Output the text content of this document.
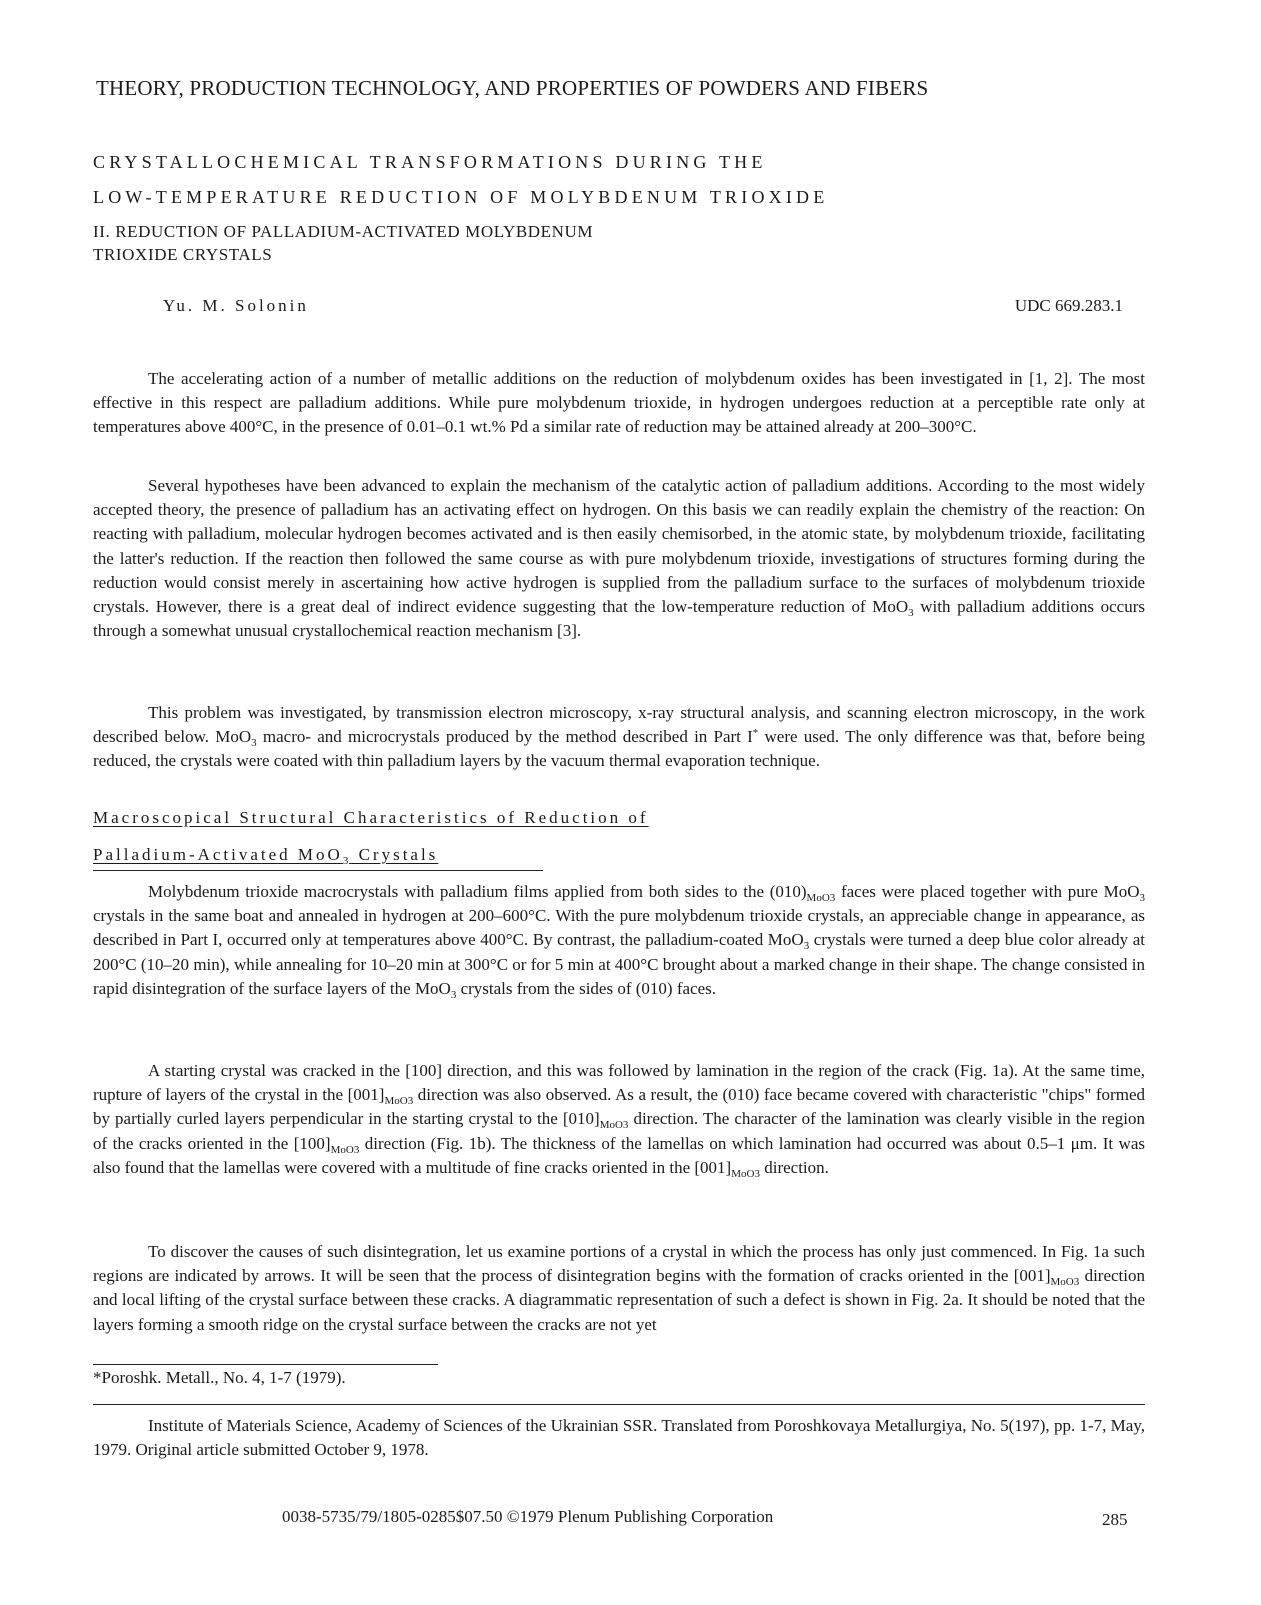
THEORY, PRODUCTION TECHNOLOGY, AND PROPERTIES OF POWDERS AND FIBERS
CRYSTALLOCHEMICAL TRANSFORMATIONS DURING THE
LOW-TEMPERATURE REDUCTION OF MOLYBDENUM TRIOXIDE
II. REDUCTION OF PALLADIUM-ACTIVATED MOLYBDENUM
TRIOXIDE CRYSTALS
Yu. M. Solonin	UDC 669.283.1

The accelerating action of a number of metallic additions on the reduction of molybdenum oxides has been investigated in [1, 2]. The most effective in this respect are palladium additions. While pure molybdenum trioxide, in hydrogen undergoes reduction at a perceptible rate only at temperatures above 400°C, in the presence of 0.01–0.1 wt.% Pd a similar rate of reduction may be attained already at 200–300°C.

Several hypotheses have been advanced to explain the mechanism of the catalytic action of palladium additions. According to the most widely accepted theory, the presence of palladium has an activating effect on hydrogen. On this basis we can readily explain the chemistry of the reaction: On reacting with palladium, molecular hydrogen becomes activated and is then easily chemisorbed, in the atomic state, by molybdenum trioxide, facilitating the latter's reduction. If the reaction then followed the same course as with pure molybdenum trioxide, investigations of structures forming during the reduction would consist merely in ascertaining how active hydrogen is supplied from the palladium surface to the surfaces of molybdenum trioxide crystals. However, there is a great deal of indirect evidence suggesting that the low-temperature reduction of MoO$_3$ with palladium additions occurs through a somewhat unusual crystallochemical reaction mechanism [3].

This problem was investigated, by transmission electron microscopy, x-ray structural analysis, and scanning electron microscopy, in the work described below. MoO$_3$ macro- and microcrystals produced by the method described in Part I* were used. The only difference was that, before being reduced, the crystals were coated with thin palladium layers by the vacuum thermal evaporation technique.

Macroscopical Structural Characteristics of Reduction of
Palladium-Activated MoO$_3$ Crystals

Molybdenum trioxide macrocrystals with palladium films applied from both sides to the $(010)_{MoO3}$ faces were placed together with pure MoO$_3$ crystals in the same boat and annealed in hydrogen at 200–600°C. With the pure molybdenum trioxide crystals, an appreciable change in appearance, as described in Part I, occurred only at temperatures above 400°C. By contrast, the palladium-coated MoO$_3$ crystals were turned a deep blue color already at 200°C (10–20 min), while annealing for 10–20 min at 300°C or for 5 min at 400°C brought about a marked change in their shape. The change consisted in rapid disintegration of the surface layers of the MoO$_3$ crystals from the sides of (010) faces.

A starting crystal was cracked in the [100] direction, and this was followed by lamination in the region of the crack (Fig. 1a). At the same time, rupture of layers of the crystal in the $[001]_{MoO3}$ direction was also observed. As a result, the (010) face became covered with characteristic "chips" formed by partially curled layers perpendicular in the starting crystal to the $[010]_{MoO3}$ direction. The character of the lamination was clearly visible in the region of the cracks oriented in the $[100]_{MoO3}$ direction (Fig. 1b). The thickness of the lamellas on which lamination had occurred was about 0.5–1 μm. It was also found that the lamellas were covered with a multitude of fine cracks oriented in the $[001]_{MoO3}$ direction.

To discover the causes of such disintegration, let us examine portions of a crystal in which the process has only just commenced. In Fig. 1a such regions are indicated by arrows. It will be seen that the process of disintegration begins with the formation of cracks oriented in the $[001]_{MoO3}$ direction and local lifting of the crystal surface between these cracks. A diagrammatic representation of such a defect is shown in Fig. 2a. It should be noted that the layers forming a smooth ridge on the crystal surface between the cracks are not yet

*Poroshk. Metall., No. 4, 1-7 (1979).

Institute of Materials Science, Academy of Sciences of the Ukrainian SSR. Translated from Poroshkovaya Metallurgiya, No. 5(197), pp. 1-7, May, 1979. Original article submitted October 9, 1978.

0038-5735/79/1805-0285$07.50 ©1979 Plenum Publishing Corporation	285
